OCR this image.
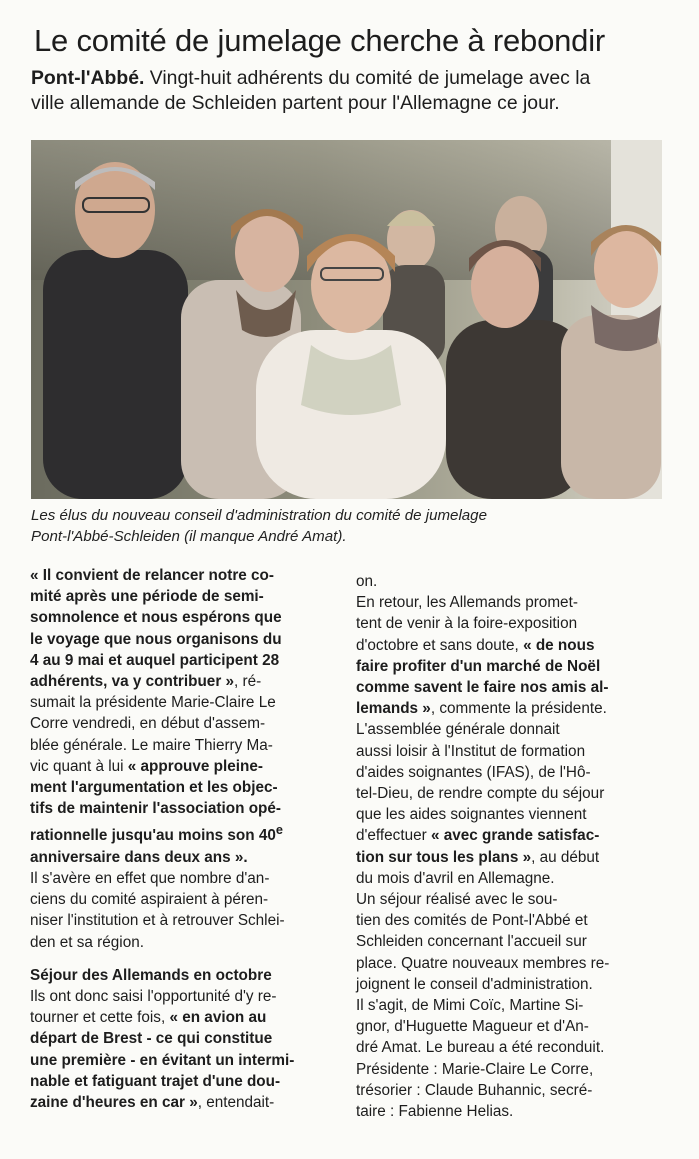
Le comité de jumelage cherche à rebondir

Pont-l'Abbé. Vingt-huit adhérents du comité de jumelage avec la
ville allemande de Schleiden partent pour l'Allemagne ce jour.

Les élus du nouveau conseil d'administration du comité de jumelage
Pont-l'Abbé-Schleiden (il manque André Amat).

« Il convient de relancer notre co-
mité après une période de semi-
somnolence et nous espérons que
le voyage que nous organisons du
4 au 9 mai et auquel participent 28
adhérents, va y contribuer », ré-
sumait la présidente Marie-Claire Le
Corre vendredi, en début d'assem-
blée générale. Le maire Thierry Ma-
vic quant à lui « approuve pleine-
ment l'argumentation et les objec-
tifs de maintenir l'association opé-
rationnelle jusqu'au moins son 40e
anniversaire dans deux ans ».
Il s'avère en effet que nombre d'an-
ciens du comité aspiraient à péren-
niser l'institution et à retrouver Schlei-
den et sa région.
Séjour des Allemands en octobre
Ils ont donc saisi l'opportunité d'y re-
tourner et cette fois, « en avion au
départ de Brest - ce qui constitue
une première - en évitant un intermi-
nable et fatiguant trajet d'une dou-
zaine d'heures en car », entendait-
on.
En retour, les Allemands promet-
tent de venir à la foire-exposition
d'octobre et sans doute, « de nous
faire profiter d'un marché de Noël
comme savent le faire nos amis al-
lemands », commente la présidente.
L'assemblée générale donnait
aussi loisir à l'Institut de formation
d'aides soignantes (IFAS), de l'Hô-
tel-Dieu, de rendre compte du séjour
que les aides soignantes viennent
d'effectuer « avec grande satisfac-
tion sur tous les plans », au début
du mois d'avril en Allemagne.
Un séjour réalisé avec le sou-
tien des comités de Pont-l'Abbé et
Schleiden concernant l'accueil sur
place. Quatre nouveaux membres re-
joignent le conseil d'administration.
Il s'agit, de Mimi Coïc, Martine Si-
gnor, d'Huguette Magueur et d'An-
dré Amat. Le bureau a été reconduit.
Présidente : Marie-Claire Le Corre,
trésorier : Claude Buhannic, secré-
taire : Fabienne Helias.
